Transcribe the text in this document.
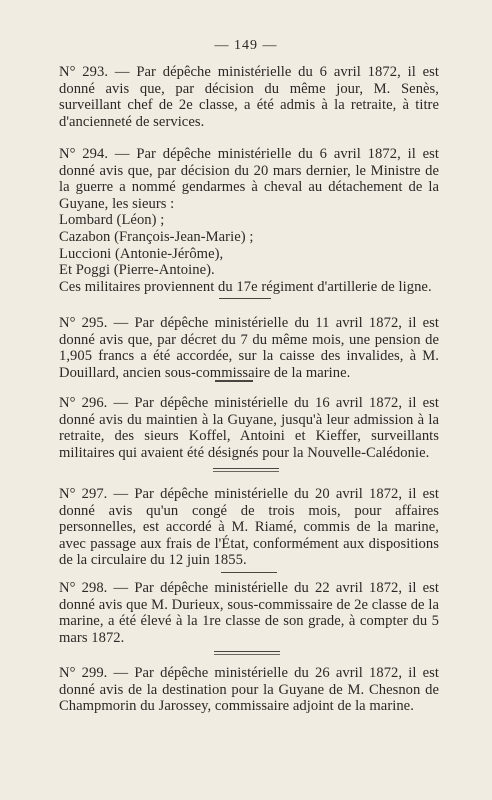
— 149 —
N° 293. — Par dépêche ministérielle du 6 avril 1872, il est donné avis que, par décision du même jour, M. Senès, surveillant chef de 2e classe, a été admis à la retraite, à titre d'ancienneté de services.
N° 294. — Par dépêche ministérielle du 6 avril 1872, il est donné avis que, par décision du 20 mars dernier, le Ministre de la guerre a nommé gendarmes à cheval au détachement de la Guyane, les sieurs :
Lombard (Léon) ;
Cazabon (François-Jean-Marie) ;
Luccioni (Antonie-Jérôme),
Et Poggi (Pierre-Antoine).
Ces militaires proviennent du 17e régiment d'artillerie de ligne.
N° 295. — Par dépêche ministérielle du 11 avril 1872, il est donné avis que, par décret du 7 du même mois, une pension de 1,905 francs a été accordée, sur la caisse des invalides, à M. Douillard, ancien sous-commissaire de la marine.
N° 296. — Par dépêche ministérielle du 16 avril 1872, il est donné avis du maintien à la Guyane, jusqu'à leur admission à la retraite, des sieurs Koffel, Antoini et Kieffer, surveillants militaires qui avaient été désignés pour la Nouvelle-Calédonie.
N° 297. — Par dépêche ministérielle du 20 avril 1872, il est donné avis qu'un congé de trois mois, pour affaires personnelles, est accordé à M. Riamé, commis de la marine, avec passage aux frais de l'État, conformément aux dispositions de la circulaire du 12 juin 1855.
N° 298. — Par dépêche ministérielle du 22 avril 1872, il est donné avis que M. Durieux, sous-commissaire de 2e classe de la marine, a été élevé à la 1re classe de son grade, à compter du 5 mars 1872.
N° 299. — Par dépêche ministérielle du 26 avril 1872, il est donné avis de la destination pour la Guyane de M. Chesnon de Champmorin du Jarossey, commissaire adjoint de la marine.
